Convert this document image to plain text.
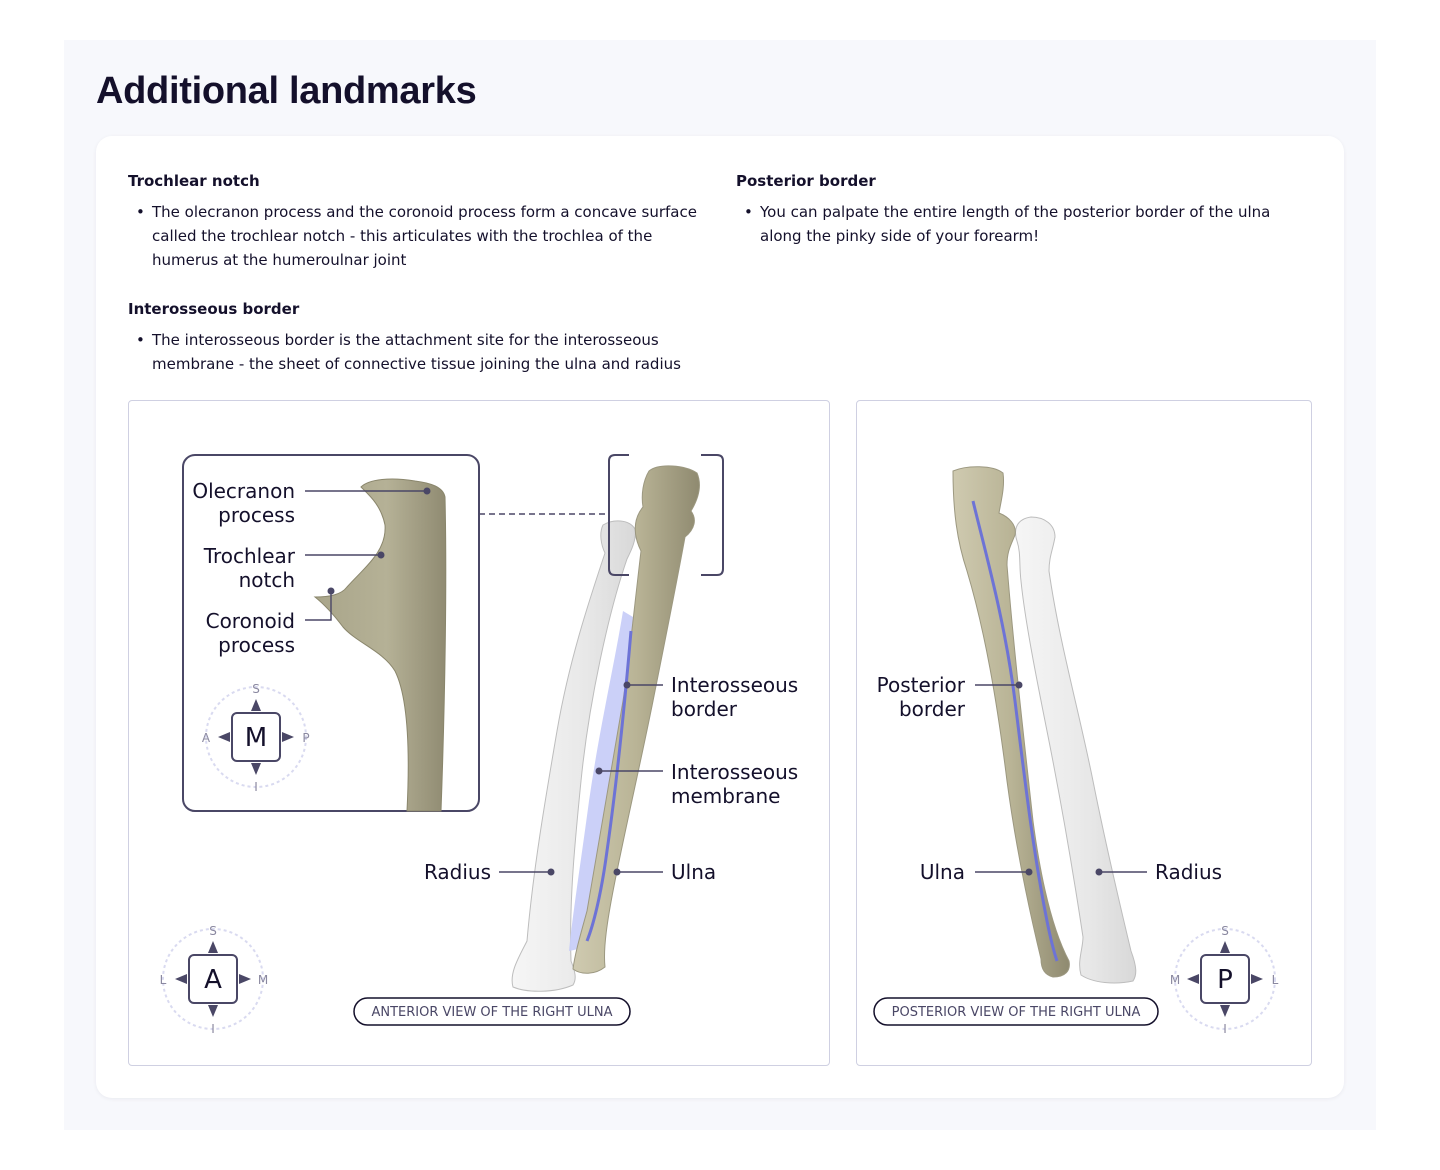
Additional landmarks
Trochlear notch
• The olecranon process and the coronoid process form a concave surface called the trochlear notch - this articulates with the trochlea of the humerus at the humeroulnar joint
Posterior border
• You can palpate the entire length of the posterior border of the ulna along the pinky side of your forearm!
Interosseous border
• The interosseous border is the attachment site for the interosseous membrane - the sheet of connective tissue joining the ulna and radius
Olecranon
process
Trochlear
notch
Coronoid
process
M
S
I
A	P
Interosseous
border
Interosseous
membrane
Radius	Ulna
ANTERIOR VIEW OF THE RIGHT ULNA
A
S
I
L	M
Posterior
border
Ulna	Radius
POSTERIOR VIEW OF THE RIGHT ULNA
P
S
I
M	L
